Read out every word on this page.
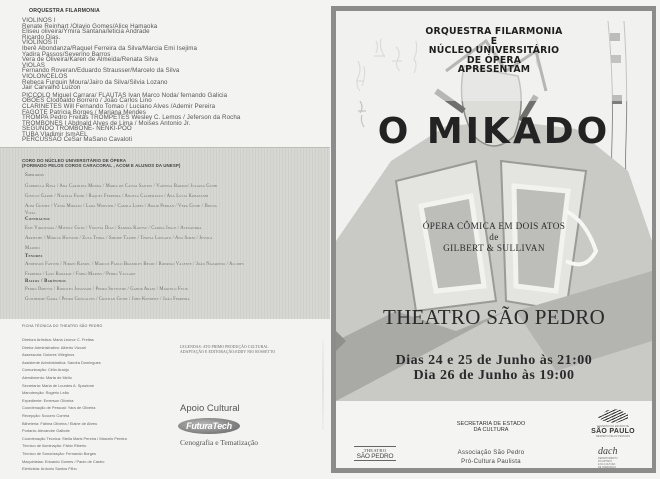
ORQUESTRA FILARMONIA
VIOLINOS I
Renate Reinhart /Olavio Gomes/Alice Hamaoka
Eliseu oliveira/Ymira Santana/leticia Andrade
Ricardo Dias.
VIOLINOS II
Iberê Abondanza/Raquel Ferreira da Silva/Marcia Emi Isejima
Yadira Passos/Severino Barros
Vera de Oliveira/Karen de Almeida/Renata Silva
VIOLAS
Fernando Roveran/Eduardo Strausser/Marcelo da Silva
VIOLONCELOS
Rebeca Furquin Moura/Jairo da Silva/Silvia Lozano
Jair Carvalho Luizon
PICCOLO Miguel Carrara/ FLAUTAS Ivan Marco Noda/ fernando Galicia
OBOÉS Clodoaldo Borrero / João Carlos Lino
CLARINETES Will Fernando Tomao / Luciano Alves /Ademir Pereira
FAGOTE Patricia Borges / Mariana Mendes
TROMPA Pedro Freitas TROMPETES Wesley C. Lemos / Jeferson da Rocha
TROMBONES I Abdnald Alves de Lima / Moises Antonio Jr.
SEGUNDO TROMBONE- NENKI-POO
TUBA Vladimir IsmAEL
PERCUSSÃO CeSar MaSano Cavaloti
CORO DO NÚCLEO UNIVERSITÁRIO DE ÓPERA
(FORMADO PELOS COROS CARACORAL , ACOM E ALUNOS DA UNESP)
Sopranos
Gabriella Rosa / Ana Carolina Moura / Maria de Cassia Santos / Vanessa Barros/ Juliana Gushi
Giselle Garde / Natália Froni / Raquel Ferreira / Angela Calderazzo / Ana Lucia Kobayashi
Aoni Guedes / Vânia Morato / Lara Werster / Camila Lopes / Adair Pedran / Vera Gushi / Bruna
Vital
Contraltos
Emy Yokoyama / Miyuky Goto / Violeta Dias / Sandra Kaetsu / Carina Ingle / Alexandra
Arrieche / Márcia Hotsumi / Zuza Terra / Simone Tarine / Teresa Longato / Ana Sorni / Jessica
Makino
Tenores
Anderson Fantini / Nikkei Rafael / Marcos Paulo Brandles Belmi / Rodrigo Valente / João Nazareno / Alcides
Ferreira / Luiz Barakat / Fábio Marins / Pedro Vaccare
Baixos / Barítonos
Pedro Ometto / Rodolfo Jonasson / Pedro Silvestre / Gabor Arani / Marcelo Felix
Guilherme Gama / Pedro Gonçalves / Cristian Gushi / John Kennedy / João Ferreira
FICHA TÉCNICA DO THEATRO SÃO PEDRO
Diretora Artística: Maria Leonor C. Freitas
Diretor Administrativo: Alberto Viccari
Assessoria: Dolores Villeginos
Assistente Administrativa: Sandra Domingues
Comunicação: Célio Araújo
Atendimento: Marta de Mello
Secretaria: Maria de Lourdes A. Spazione
Manutenção: Rogério Leão
Expediente: Emerson Oliveira
Coordenação de Pessoal: Yara de Oliveira
Recepção: Socorro Correia
Bilheteria: Fátima Oliveira / Elaine de Abreu
Portaria: Alexandre Galbote
Coordenação Técnica: Stella Maris Pereira / Marcelo Pereira
Técnico de Iluminação: Fábio Ribeiro
Técnico de Sonorização: Fernando Borges
Maquinistas: Eduardo Gomes / Paulo de Castro
Eletricista: Antonio Santos Filho
LEGENDAS: ATO PRIMO PRODUÇÃO CULTURAL
ADAPTAÇÃO E EDITORAÇÃO:EDDY NIO ROSSETTO
Apoio Cultural
FuturaTech
Cenografia e Tematização
ORQUESTRA FILARMONIA
E
NÚCLEO UNIVERSITÁRIO
DE ÓPERA
APRESENTAM
O MIKADO
ÓPERA CÔMICA EM DOIS ATOS
de
GILBERT & SULLIVAN
THEATRO SÃO PEDRO
Dias 24 e 25 de Junho às 21:00
Dia 26 de Junho às 19:00
SECRETARIA DE ESTADO
DA CULTURA
GOVERNO DO ESTADO DE
SÃO PAULO
RESPEITO PELAS PESSOAS
THEATRO
SÃO PEDRO	Associação São Pedro
Pró-Cultura Paulista
dach
DEPARTAMENTO
DO ARTISTA
E DA CULTURA
DE HAMBURGO
